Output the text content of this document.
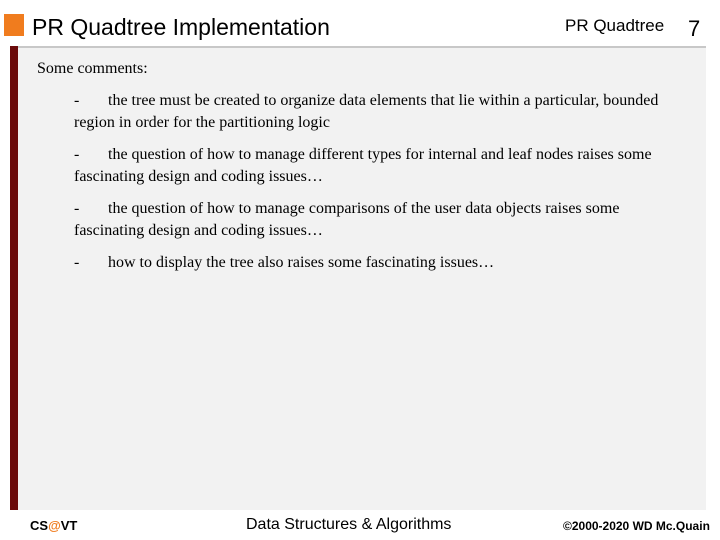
PR Quadtree Implementation	PR Quadtree 7

Some comments:

- the tree must be created to organize data elements that lie within a particular, bounded region in order for the partitioning logic

- the question of how to manage different types for internal and leaf nodes raises some fascinating design and coding issues…

- the question of how to manage comparisons of the user data objects raises some fascinating design and coding issues…

- how to display the tree also raises some fascinating issues…

CS@VT	Data Structures & Algorithms	©2000-2020 WD Mc.Quain
